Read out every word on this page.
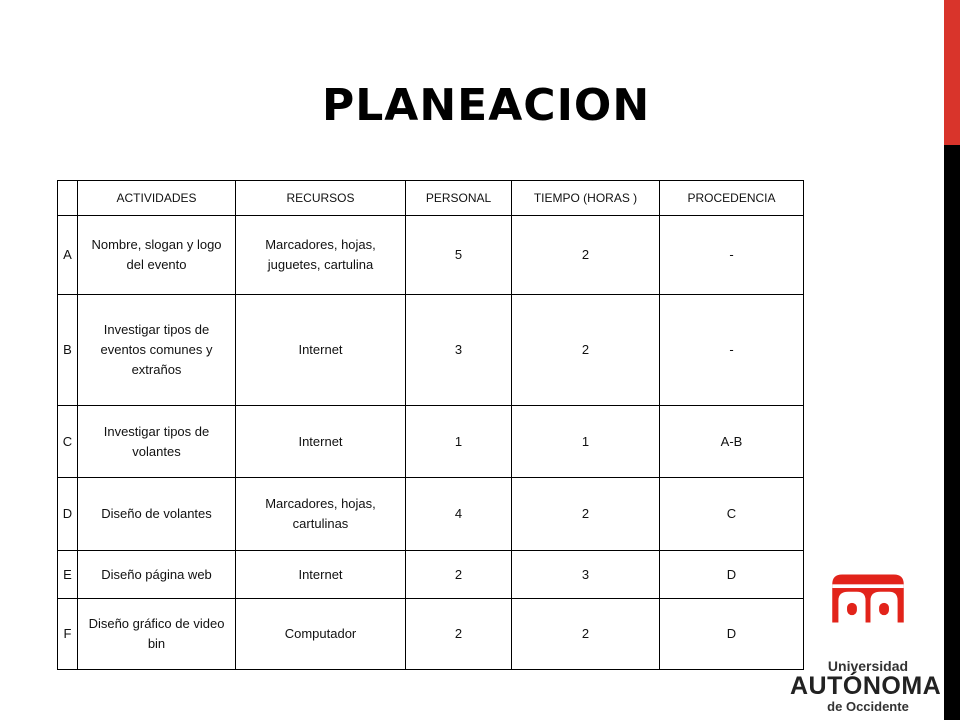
PLANEACION
	ACTIVIDADES	RECURSOS	PERSONAL	TIEMPO (HORAS )	PROCEDENCIA
A	Nombre, slogan y logo del evento	Marcadores, hojas, juguetes, cartulina	5	2	-
B	Investigar tipos de eventos comunes y extraños	Internet	3	2	-
C	Investigar tipos de volantes	Internet	1	1	A-B
D	Diseño de volantes	Marcadores, hojas, cartulinas	4	2	C
E	Diseño página web	Internet	2	3	D
F	Diseño gráfico de video bin	Computador	2	2	D
Universidad
AUTÓNOMA
de Occidente
